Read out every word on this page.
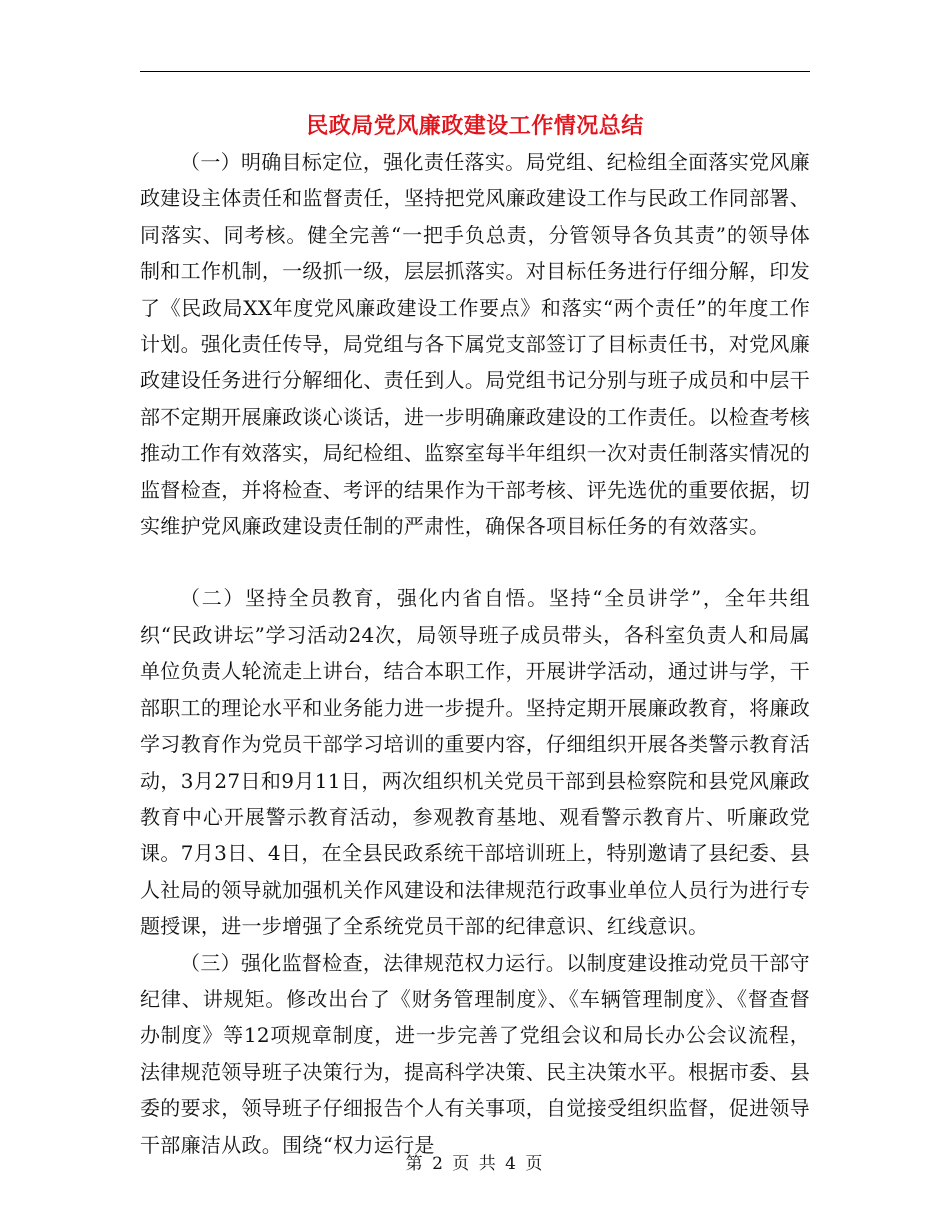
民政局党风廉政建设工作情况总结

（一）明确目标定位，强化责任落实。局党组、纪检组全面落实党风廉政建设主体责任和监督责任，坚持把党风廉政建设工作与民政工作同部署、同落实、同考核。健全完善“一把手负总责，分管领导各负其责”的领导体制和工作机制，一级抓一级，层层抓落实。对目标任务进行仔细分解，印发了《民政局XX年度党风廉政建设工作要点》和落实“两个责任”的年度工作计划。强化责任传导，局党组与各下属党支部签订了目标责任书，对党风廉政建设任务进行分解细化、责任到人。局党组书记分别与班子成员和中层干部不定期开展廉政谈心谈话，进一步明确廉政建设的工作责任。以检查考核推动工作有效落实，局纪检组、监察室每半年组织一次对责任制落实情况的监督检查，并将检查、考评的结果作为干部考核、评先选优的重要依据，切实维护党风廉政建设责任制的严肃性，确保各项目标任务的有效落实。

（二）坚持全员教育，强化内省自悟。坚持“全员讲学”，全年共组织“民政讲坛”学习活动24次，局领导班子成员带头，各科室负责人和局属单位负责人轮流走上讲台，结合本职工作，开展讲学活动，通过讲与学，干部职工的理论水平和业务能力进一步提升。坚持定期开展廉政教育，将廉政学习教育作为党员干部学习培训的重要内容，仔细组织开展各类警示教育活动，3月27日和9月11日，两次组织机关党员干部到县检察院和县党风廉政教育中心开展警示教育活动，参观教育基地、观看警示教育片、听廉政党课。7月3日、4日，在全县民政系统干部培训班上，特别邀请了县纪委、县人社局的领导就加强机关作风建设和法律规范行政事业单位人员行为进行专题授课，进一步增强了全系统党员干部的纪律意识、红线意识。

（三）强化监督检查，法律规范权力运行。以制度建设推动党员干部守纪律、讲规矩。修改出台了《财务管理制度》、《车辆管理制度》、《督查督办制度》等12项规章制度，进一步完善了党组会议和局长办公会议流程，法律规范领导班子决策行为，提高科学决策、民主决策水平。根据市委、县委的要求，领导班子仔细报告个人有关事项，自觉接受组织监督，促进领导干部廉洁从政。围绕“权力运行是

第 2 页 共 4 页
